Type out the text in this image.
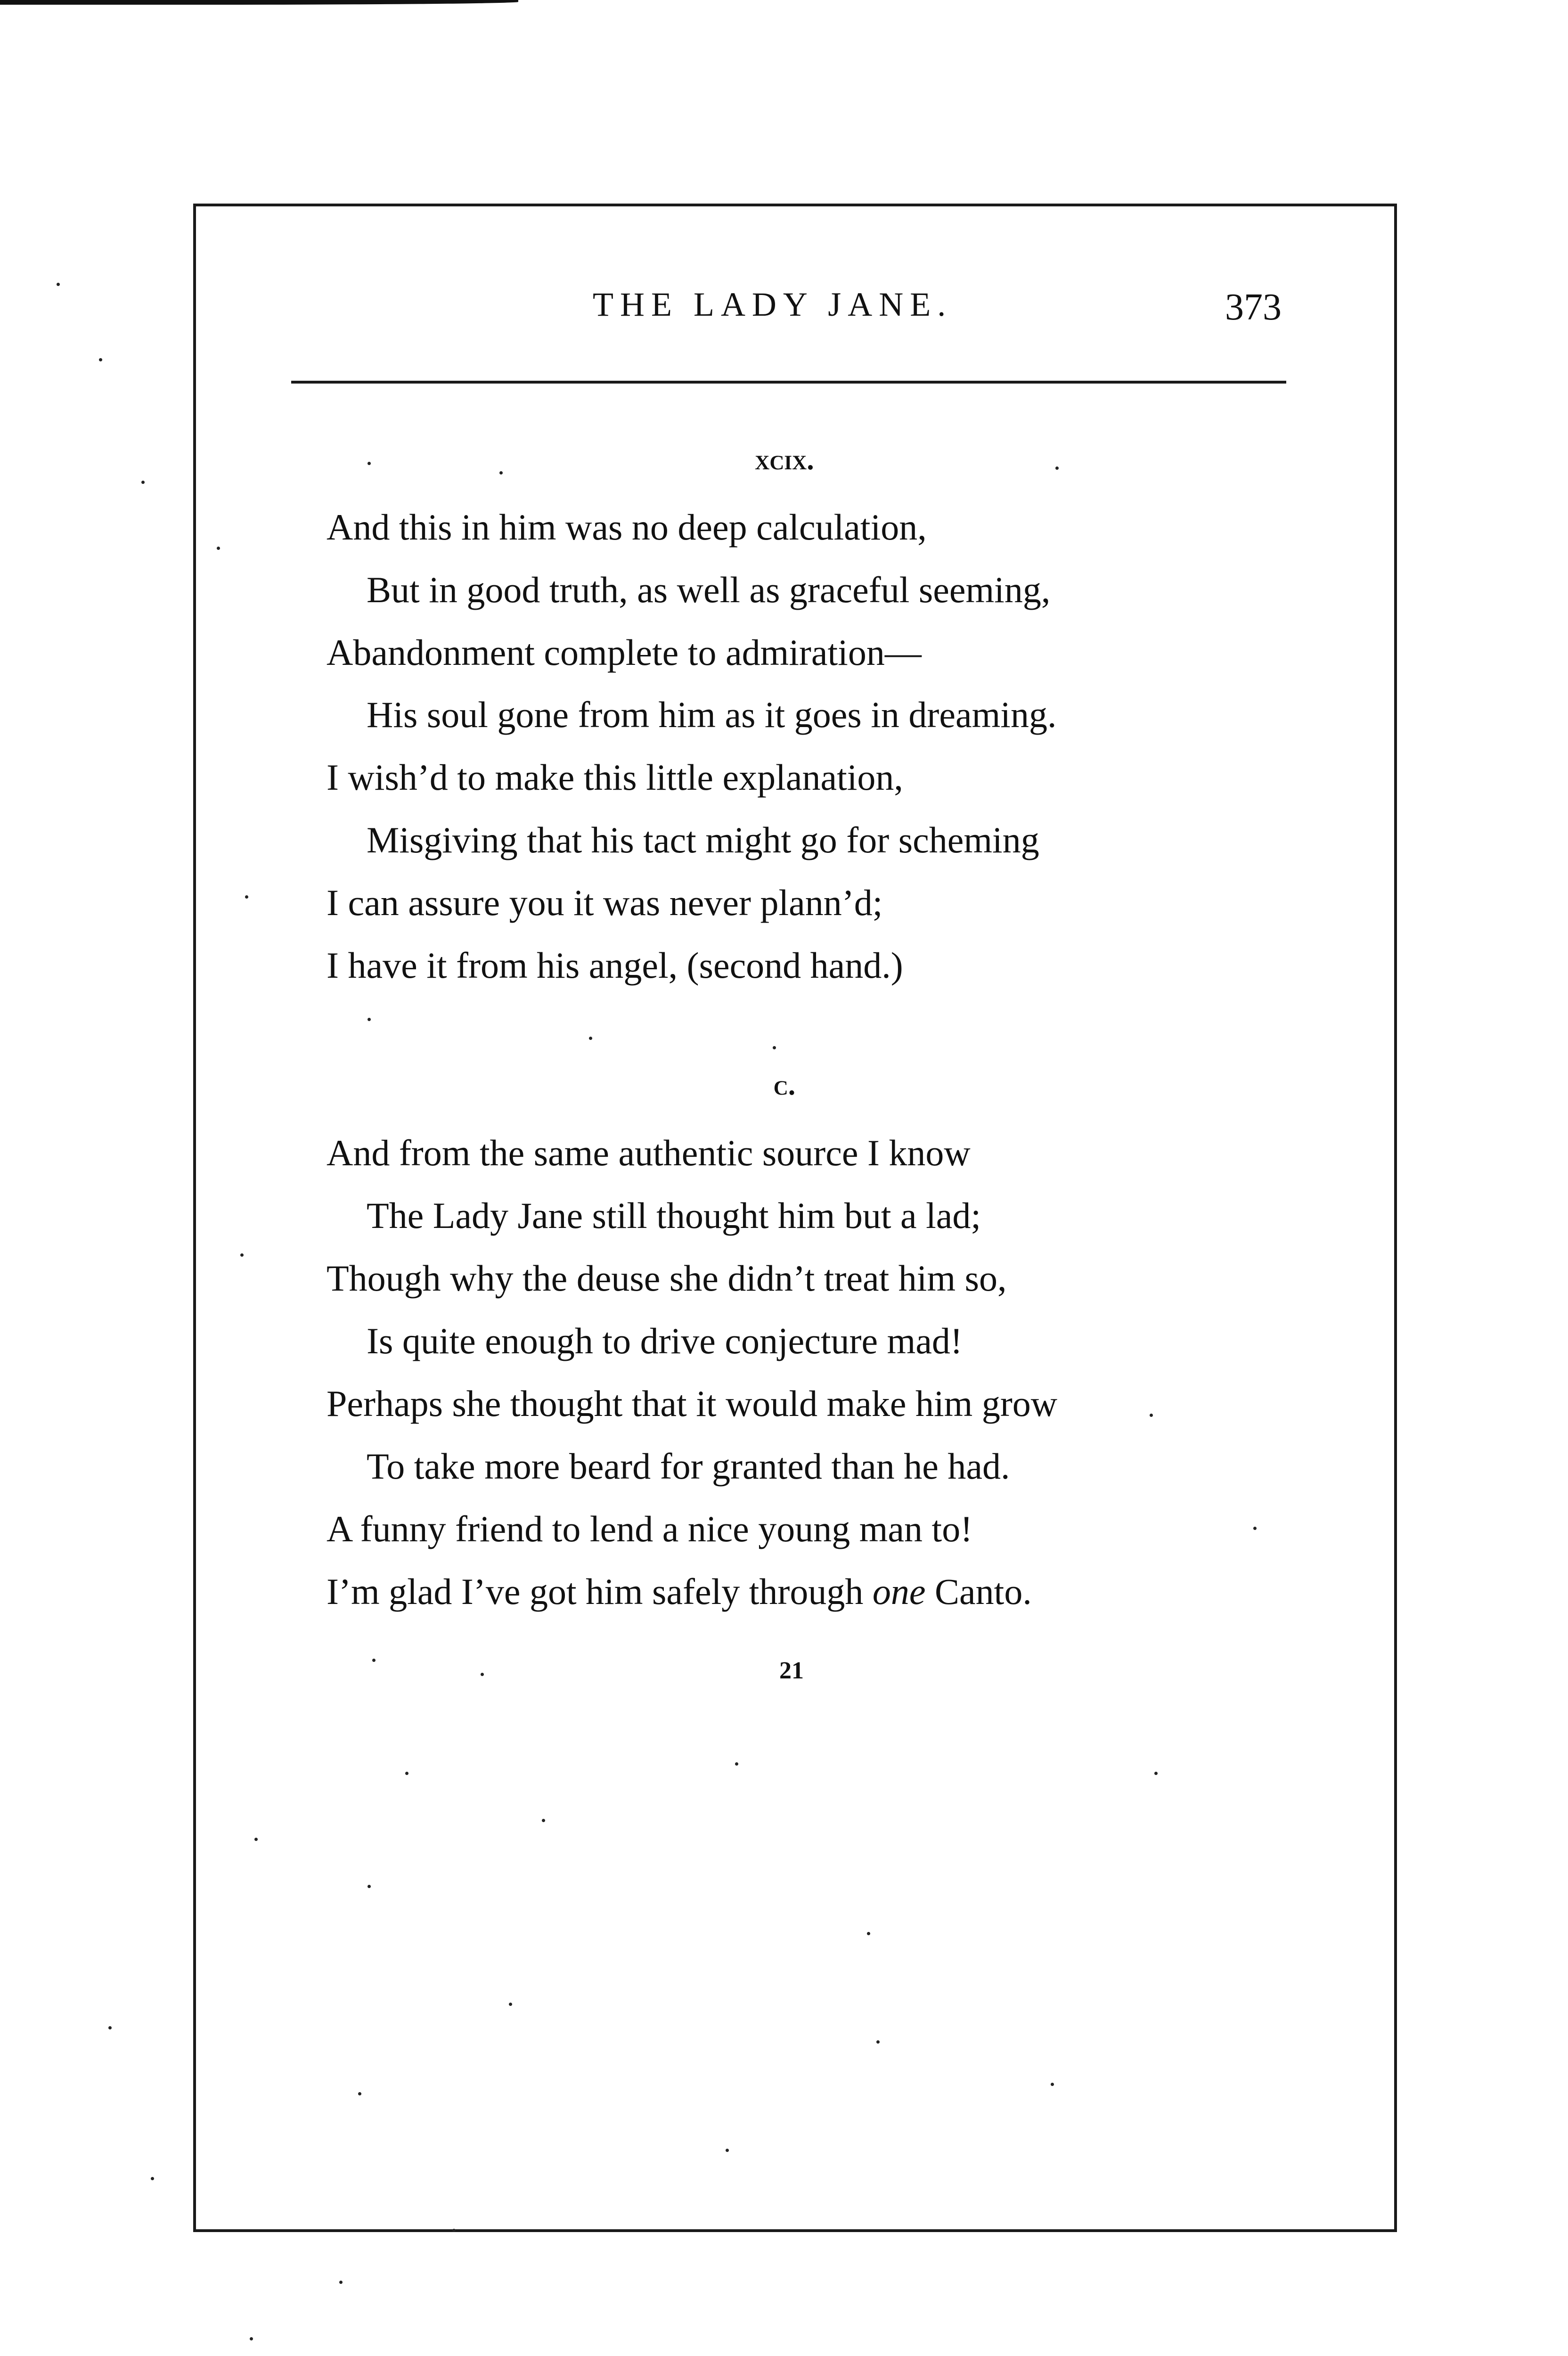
THE LADY JANE.	373
xcix.
And this in him was no deep calculation,
But in good truth, as well as graceful seeming,
Abandonment complete to admiration—
His soul gone from him as it goes in dreaming.
I wish’d to make this little explanation,
Misgiving that his tact might go for scheming
I can assure you it was never plann’d;
I have it from his angel, (second hand.)
c.
And from the same authentic source I know
The Lady Jane still thought him but a lad;
Though why the deuse she didn’t treat him so,
Is quite enough to drive conjecture mad!
Perhaps she thought that it would make him grow
To take more beard for granted than he had.
A funny friend to lend a nice young man to!
I’m glad I’ve got him safely through one Canto.
21
